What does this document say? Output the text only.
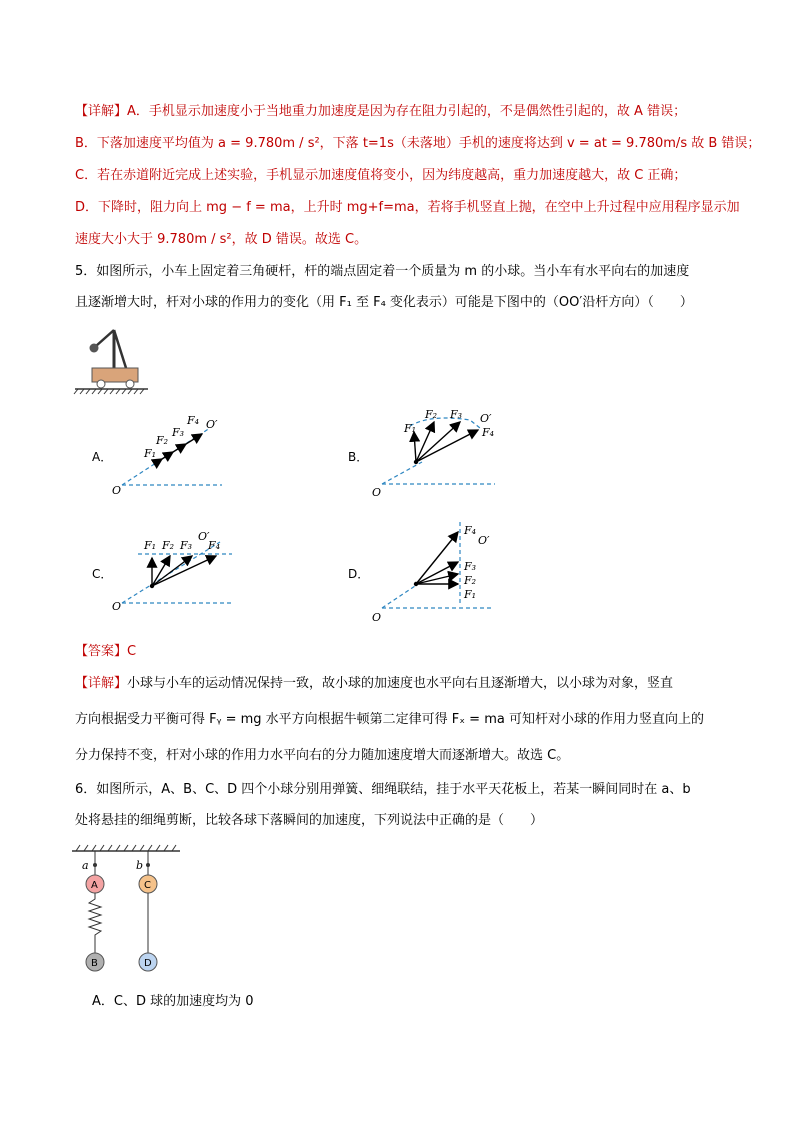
【详解】A．手机显示加速度小于当地重力加速度是因为存在阻力引起的，不是偶然性引起的，故 A 错误；
B．下落加速度平均值为 a = 9.780m / s²，下落 t=1s（未落地）手机的速度将达到 v = at = 9.780m/s 故 B 错误；
C．若在赤道附近完成上述实验，手机显示加速度值将变小，因为纬度越高，重力加速度越大，故 C 正确；
D．下降时，阻力向上 mg − f = ma，上升时 mg+f=ma，若将手机竖直上抛，在空中上升过程中应用程序显示加
速度大小大于 9.780m / s²，故 D 错误。故选 C。
5．如图所示，小车上固定着三角硬杆，杆的端点固定着一个质量为 m 的小球。当小车有水平向右的加速度
且逐渐增大时，杆对小球的作用力的变化（用 F₁ 至 F₄ 变化表示）可能是下图中的（OO′沿杆方向）（　　）
A．
O
O′
F₁
F₂
F₃
F₄
B．
O
O′
F₁
F₂ F₃
F₄
C．
O
O′
F₁ F₂ F₃ F₄
D．
O
O′
F₁
F₂
F₃
F₄
【答案】C
【详解】小球与小车的运动情况保持一致，故小球的加速度也水平向右且逐渐增大，以小球为对象，竖直
方向根据受力平衡可得 Fᵧ = mg 水平方向根据牛顿第二定律可得 Fₓ = ma 可知杆对小球的作用力竖直向上的
分力保持不变，杆对小球的作用力水平向右的分力随加速度增大而逐渐增大。故选 C。
6．如图所示，A、B、C、D 四个小球分别用弹簧、细绳联结，挂于水平天花板上，若某一瞬间同时在 a、b
处将悬挂的细绳剪断，比较各球下落瞬间的加速度，下列说法中正确的是（　　）
a	b
A
B
C
D
A．C、D 球的加速度均为 0
